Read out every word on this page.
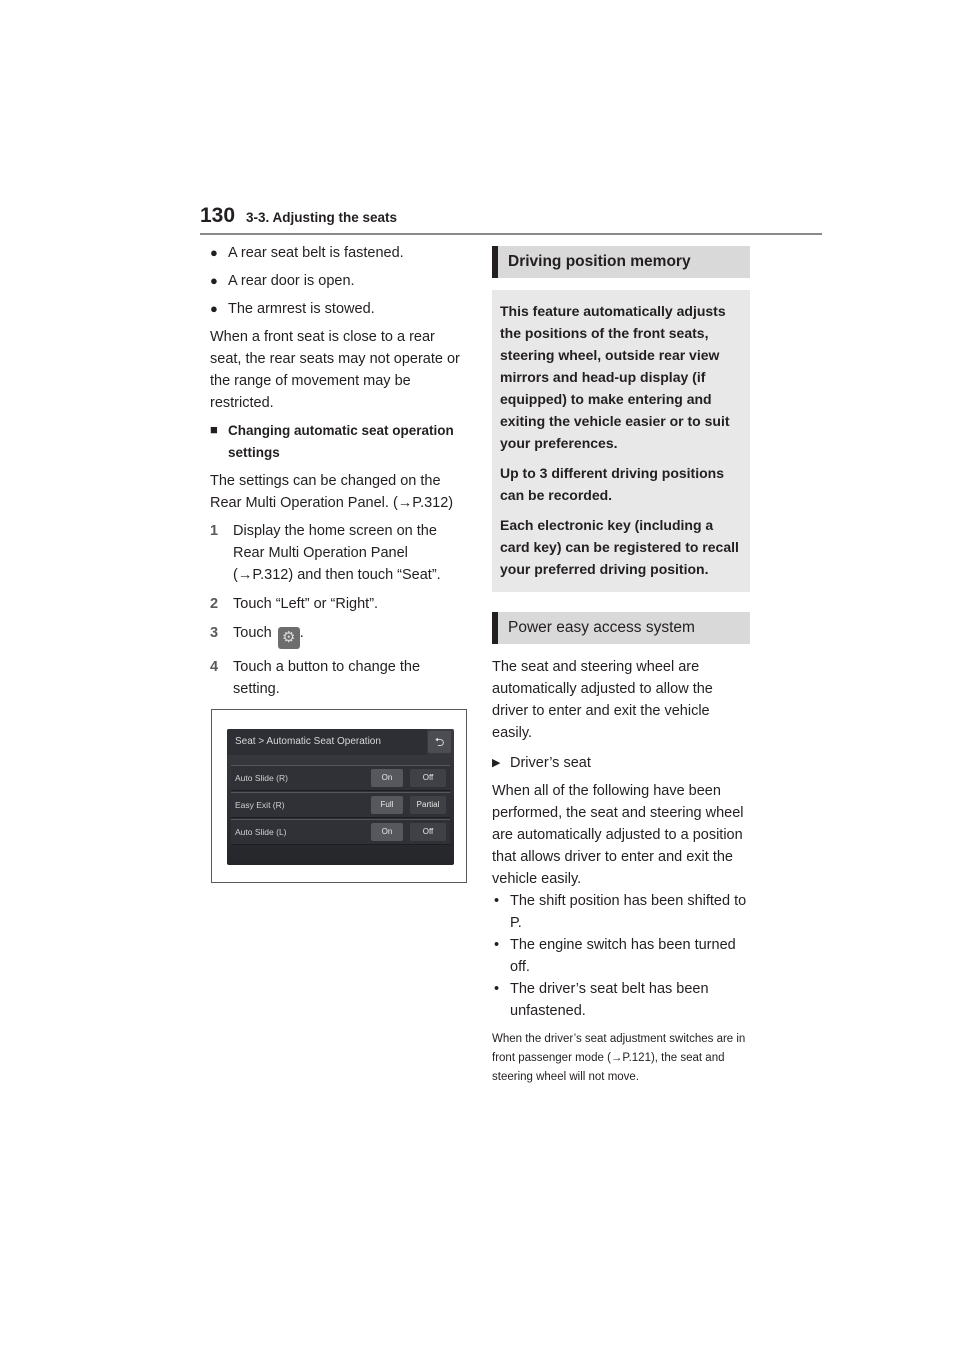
130 3-3. Adjusting the seats
● A rear seat belt is fastened.
● A rear door is open.
● The armrest is stowed.

When a front seat is close to a rear seat, the rear seats may not operate or the range of movement may be restricted.

■ Changing automatic seat operation settings

The settings can be changed on the Rear Multi Operation Panel. (→P.312)

1 Display the home screen on the Rear Multi Operation Panel (→P.312) and then touch “Seat”.
2 Touch “Left” or “Right”.
3 Touch ⚙ .
4 Touch a button to change the setting.
Seat > Automatic Seat Operation	⮌
Auto Slide (R)	On	Off
Easy Exit (R)	Full	Partial
Auto Slide (L)	On	Off
Driving position memory

This feature automatically adjusts the positions of the front seats, steering wheel, outside rear view mirrors and head-up display (if equipped) to make entering and exiting the vehicle easier or to suit your preferences.

Up to 3 different driving positions can be recorded.

Each electronic key (including a card key) can be registered to recall your preferred driving position.

Power easy access system

The seat and steering wheel are automatically adjusted to allow the driver to enter and exit the vehicle easily.

▶ Driver’s seat

When all of the following have been performed, the seat and steering wheel are automatically adjusted to a position that allows driver to enter and exit the vehicle easily.

• The shift position has been shifted to P.
• The engine switch has been turned off.
• The driver’s seat belt has been unfastened.
When the driver’s seat adjustment switches are in front passenger mode (→P.121), the seat and steering wheel will not move.
